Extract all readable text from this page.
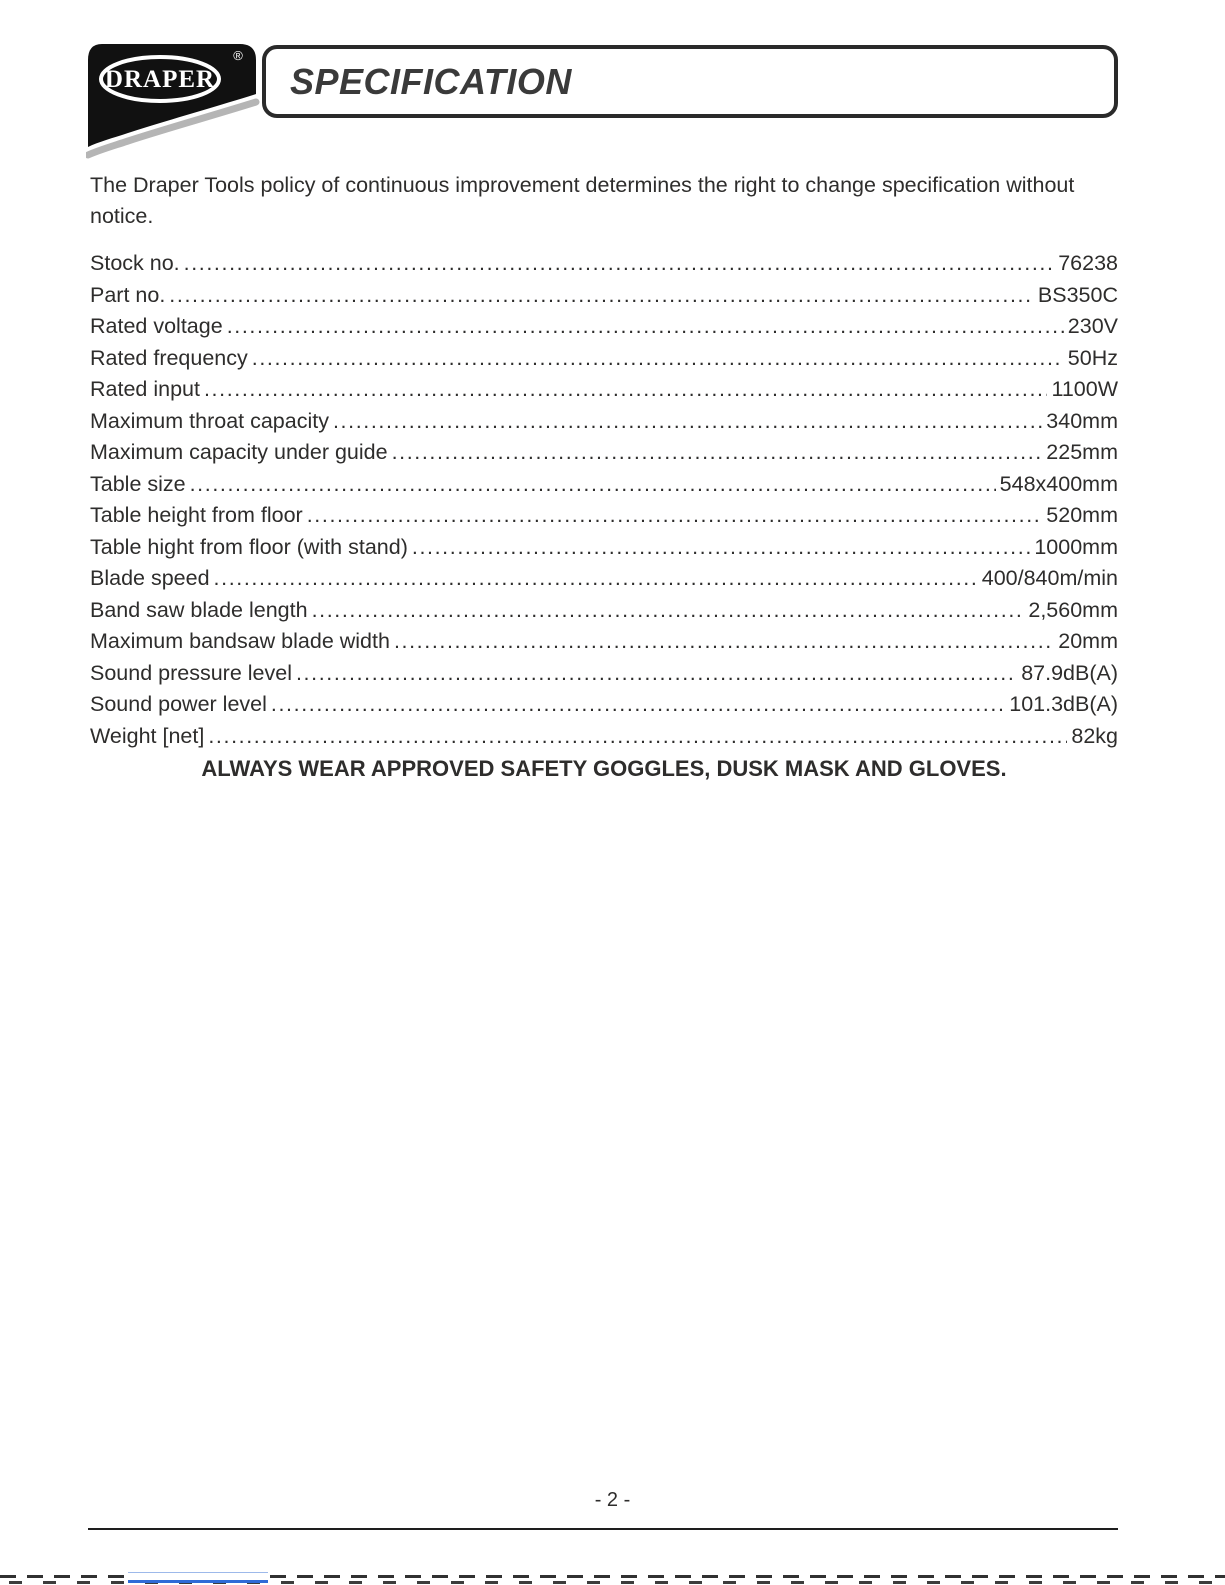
DRAPER
®
SPECIFICATION

The Draper Tools policy of continuous improvement determines the right to change specification without notice.

Stock no. .....	76238
Part no. .....	BS350C
Rated voltage .....	230V
Rated frequency .....	50Hz
Rated input .....	1100W
Maximum throat capacity .....	340mm
Maximum capacity under guide .....	225mm
Table size .....	548x400mm
Table height from floor .....	520mm
Table hight from floor (with stand) .....	1000mm
Blade speed .....	400/840m/min
Band saw blade length .....	2,560mm
Maximum bandsaw blade width .....	20mm
Sound pressure level .....	87.9dB(A)
Sound power level .....	101.3dB(A)
Weight [net] .....	82kg
ALWAYS WEAR APPROVED SAFETY GOGGLES, DUSK MASK AND GLOVES.
- 2 -
